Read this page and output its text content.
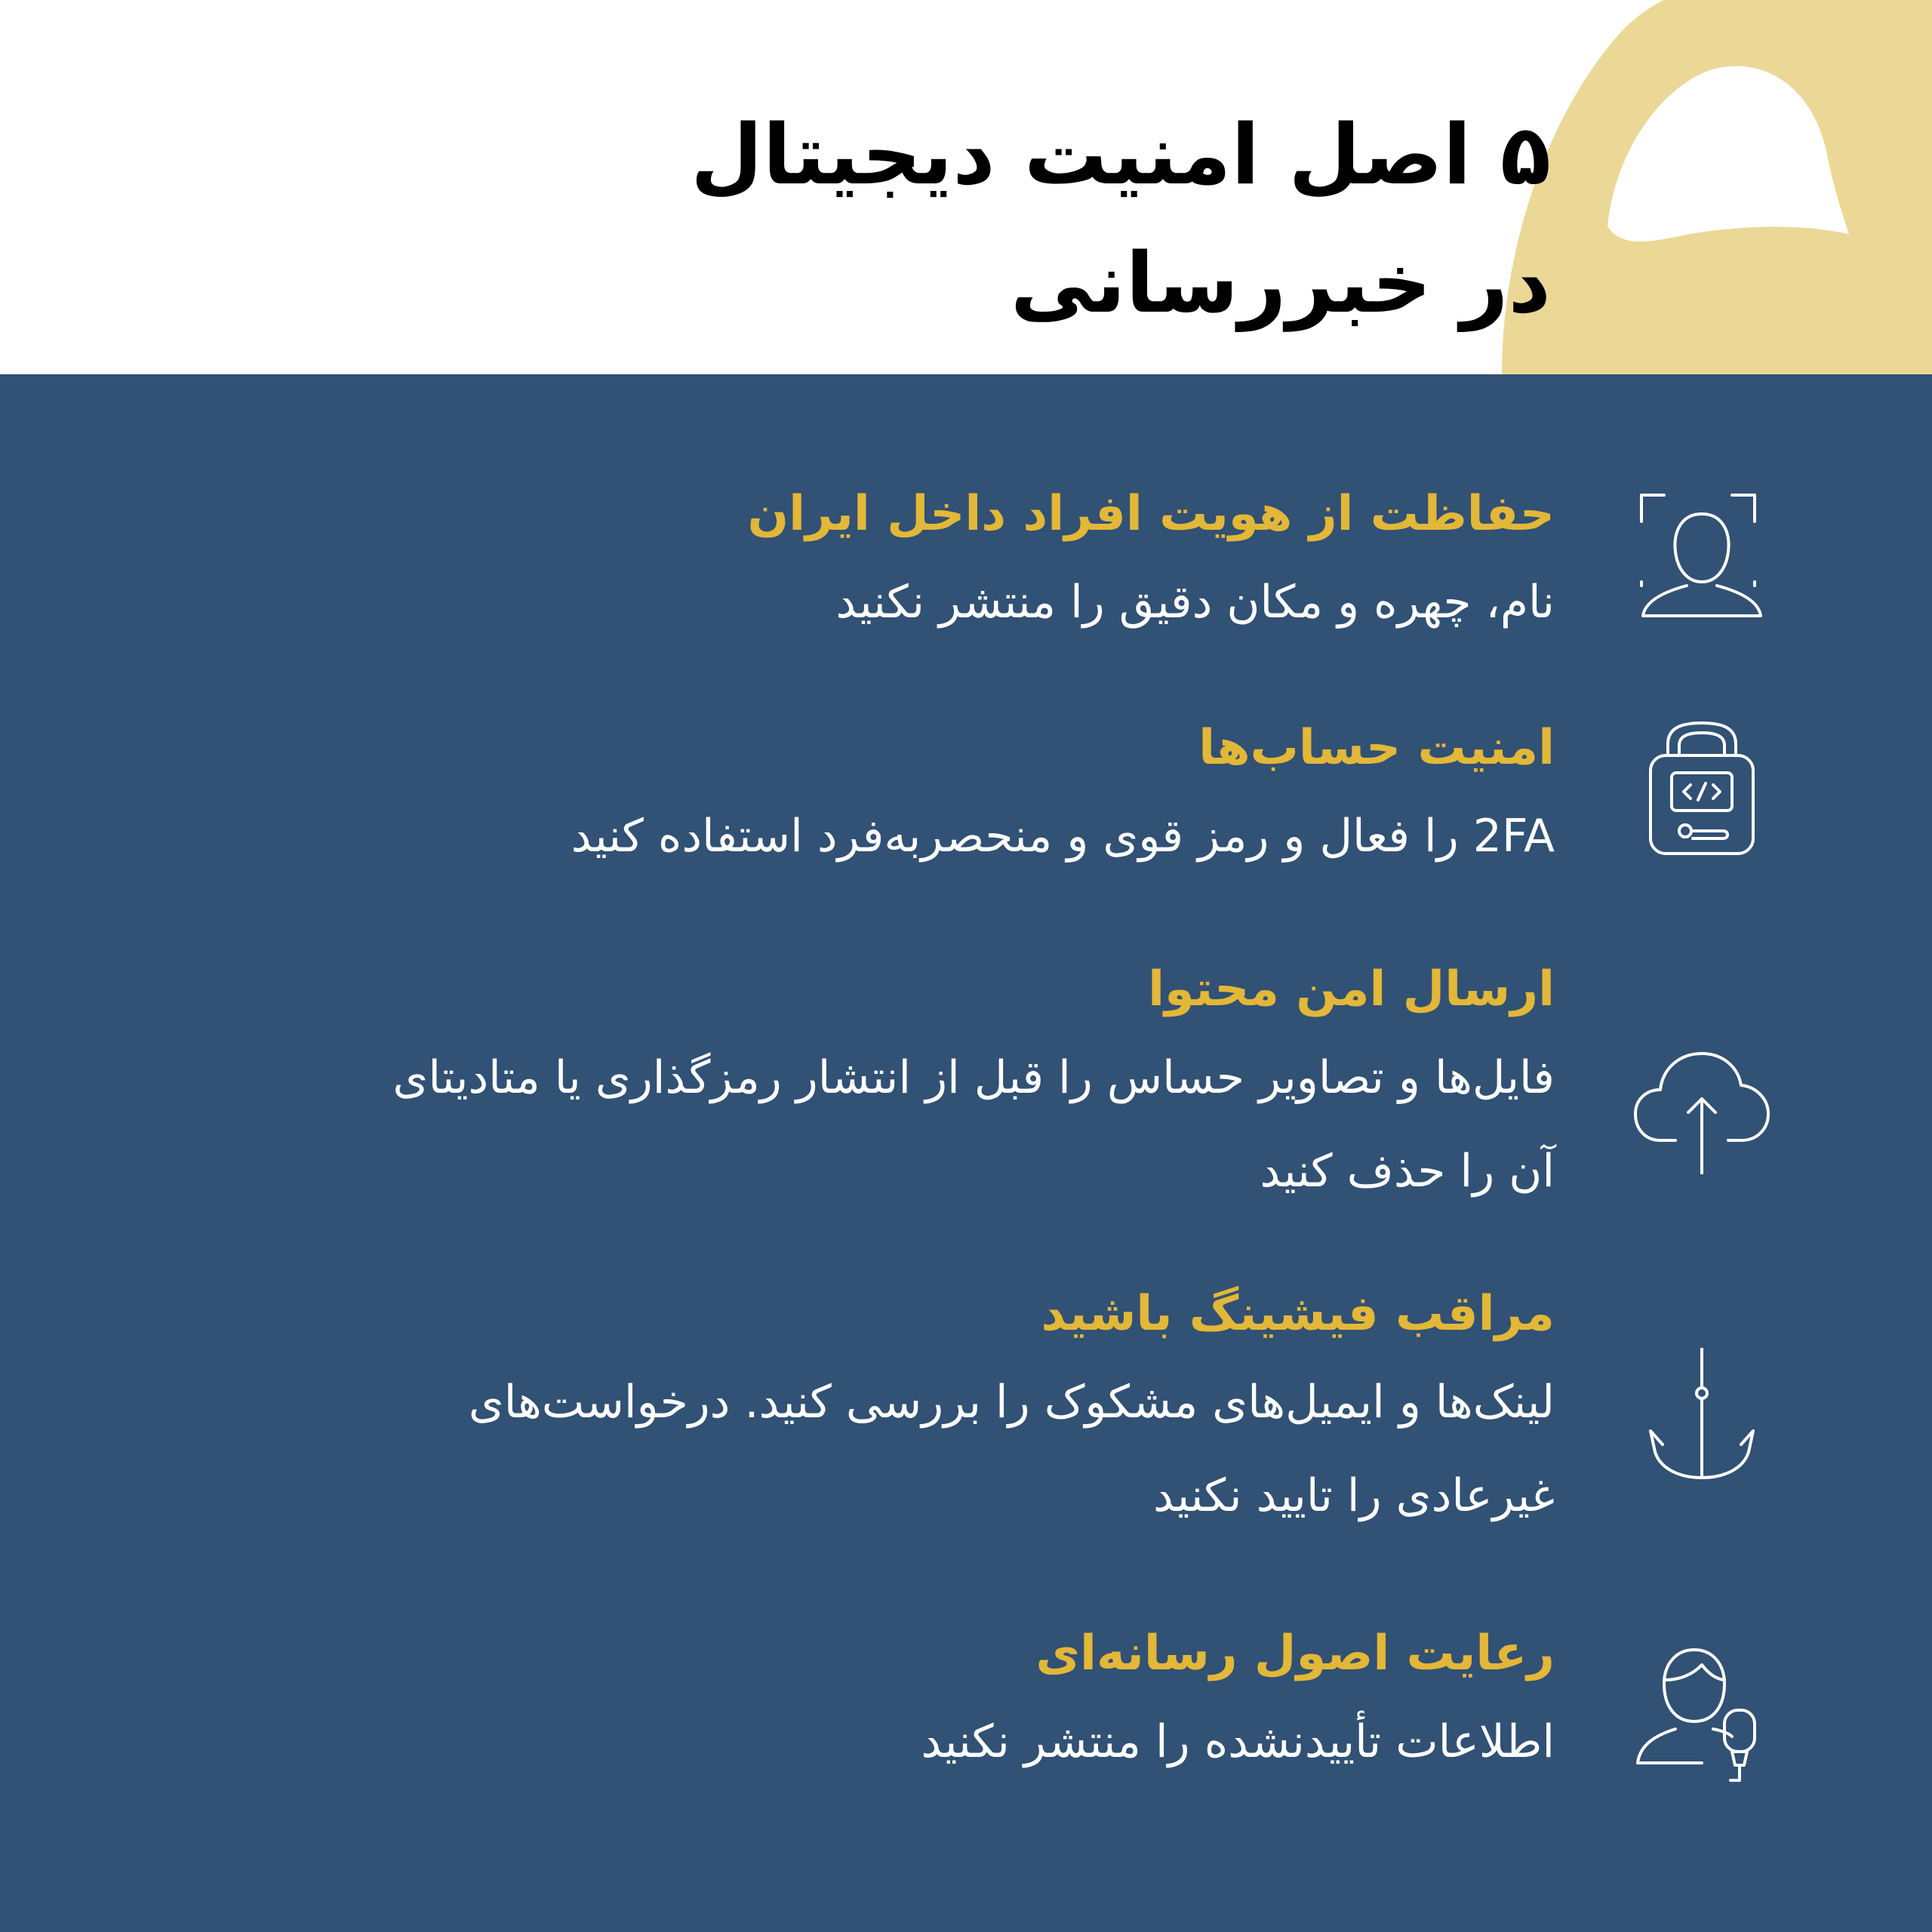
۵ اصل امنیت دیجیتال
در خبررسانی
حفاظت از هویت افراد داخل ایران
نام، چهره و مکان دقیق را منتشر نکنید
امنیت حساب‌ها
2FA را فعال و رمز قوی و منحصربه‌فرد استفاده کنید
ارسال امن محتوا
فایل‌ها و تصاویر حساس را قبل از انتشار رمزگذاری یا متادیتای
آن را حذف کنید
مراقب فیشینگ باشید
لینک‌ها و ایمیل‌های مشکوک را بررسی کنید. درخواست‌های
غیرعادی را تایید نکنید
رعایت اصول رسانه‌ای
اطلاعات تأییدنشده را منتشر نکنید
